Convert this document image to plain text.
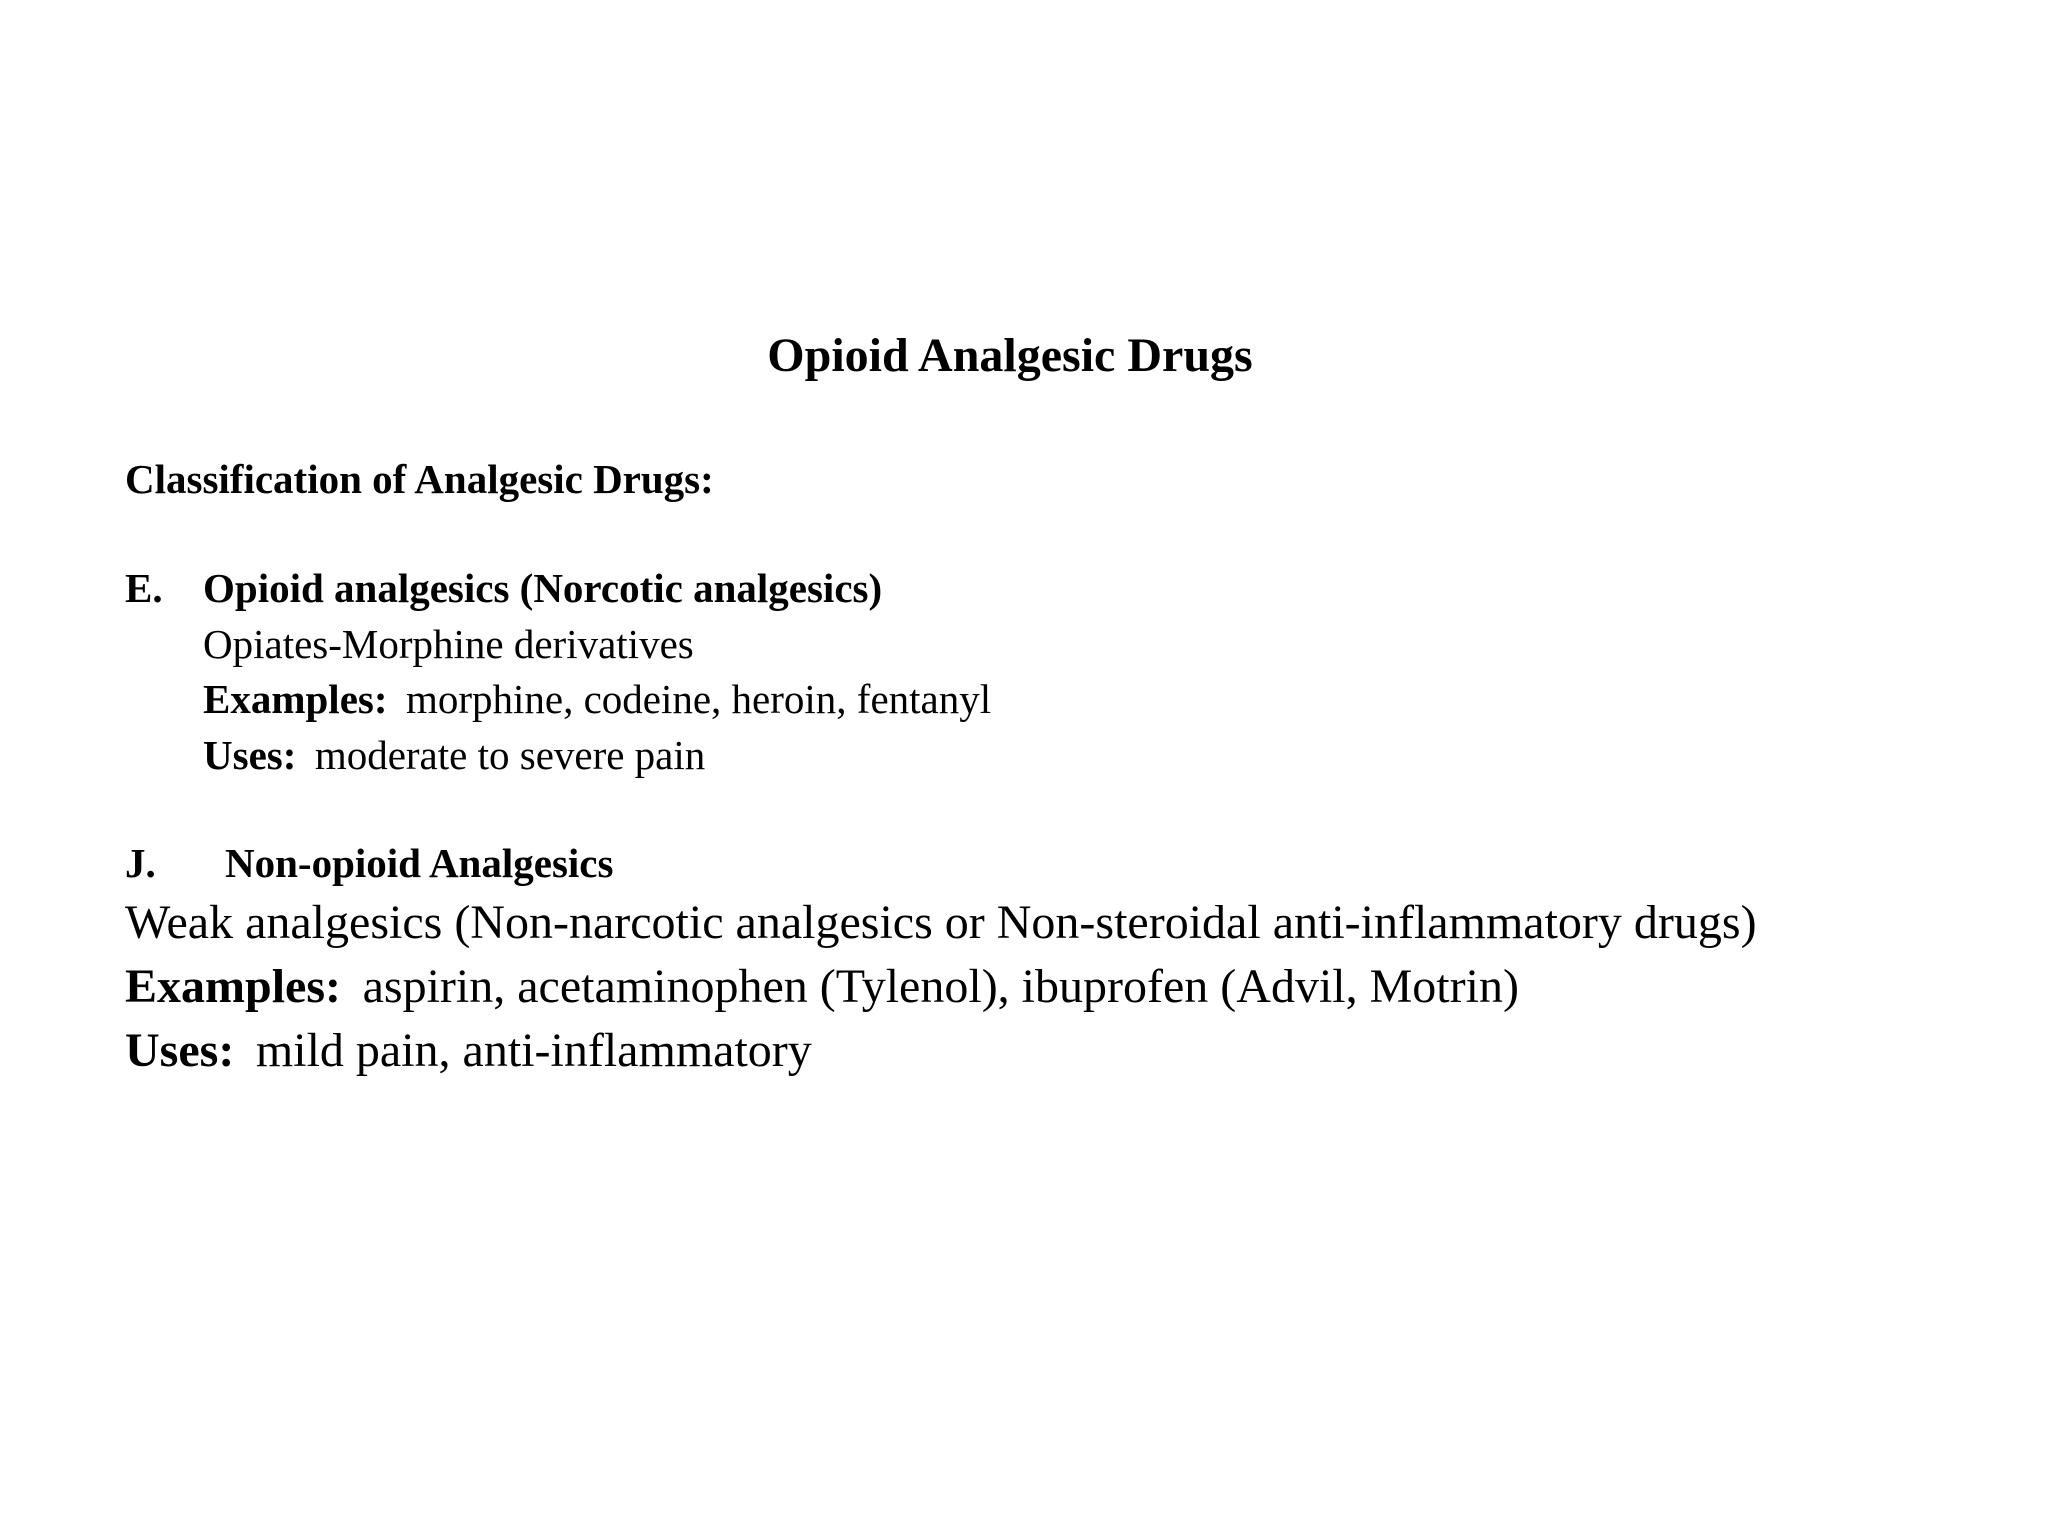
Opioid Analgesic Drugs
Classification of Analgesic Drugs:
E. Opioid analgesics (Norcotic analgesics)
Opiates-Morphine derivatives
Examples: morphine, codeine, heroin, fentanyl
Uses: moderate to severe pain
J. Non-opioid Analgesics
Weak analgesics (Non-narcotic analgesics or Non-steroidal anti-inflammatory drugs)
Examples: aspirin, acetaminophen (Tylenol), ibuprofen (Advil, Motrin)
Uses: mild pain, anti-inflammatory
